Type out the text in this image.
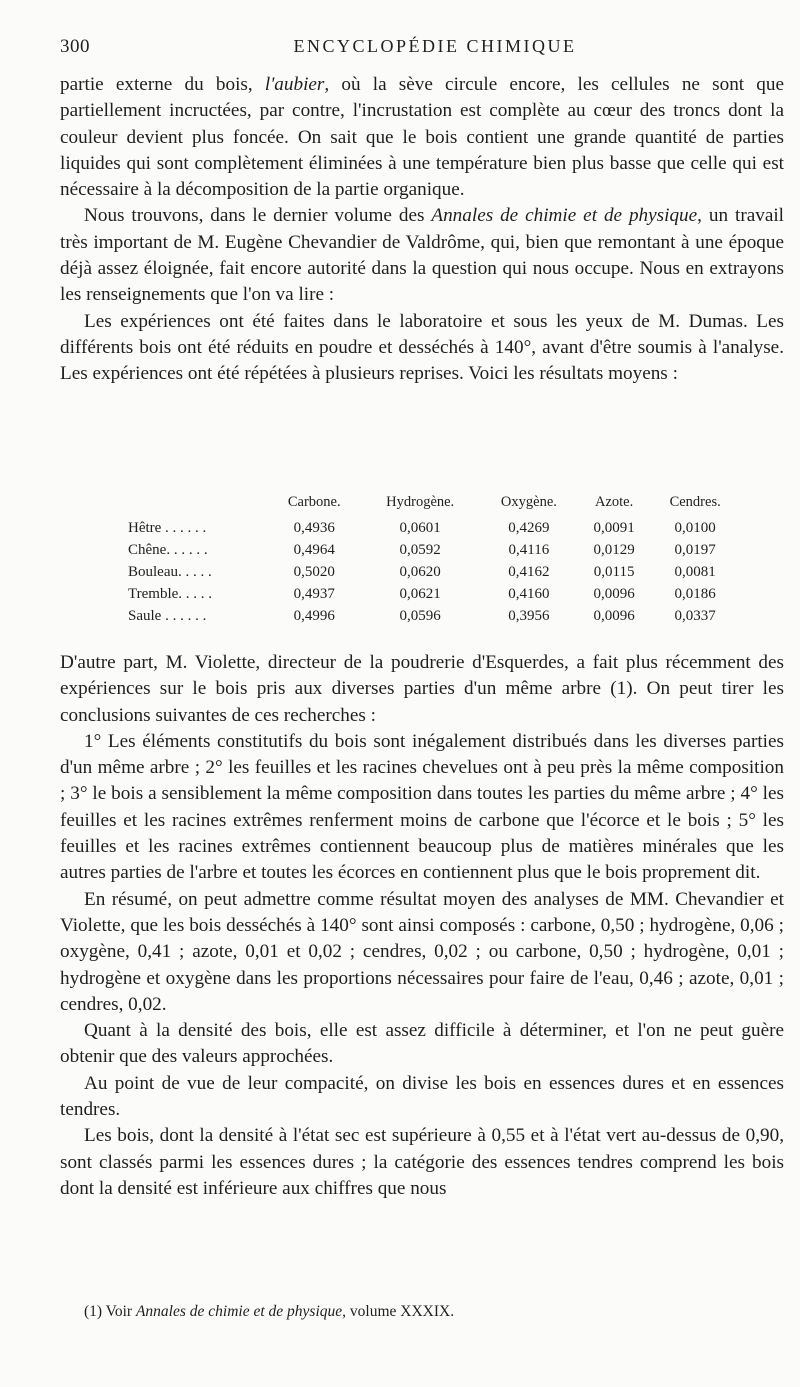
300	ENCYCLOPÉDIE CHIMIQUE

partie externe du bois, l'aubier, où la sève circule encore, les cellules ne sont que partiellement incructées, par contre, l'incrustation est complète au cœur des troncs dont la couleur devient plus foncée. On sait que le bois contient une grande quantité de parties liquides qui sont complètement éliminées à une température bien plus basse que celle qui est nécessaire à la décomposition de la partie organique.

Nous trouvons, dans le dernier volume des Annales de chimie et de physique, un travail très important de M. Eugène Chevandier de Valdrôme, qui, bien que remontant à une époque déjà assez éloignée, fait encore autorité dans la question qui nous occupe. Nous en extrayons les renseignements que l'on va lire :

Les expériences ont été faites dans le laboratoire et sous les yeux de M. Dumas. Les différents bois ont été réduits en poudre et desséchés à 140°, avant d'être soumis à l'analyse. Les expériences ont été répétées à plusieurs reprises. Voici les résultats moyens :

	Carbone.	Hydrogène.	Oxygène.	Azote.	Cendres.
Hêtre . . . . . .	0,4936	0,0601	0,4269	0,0091	0,0100
Chêne. . . . . .	0,4964	0,0592	0,4116	0,0129	0,0197
Bouleau. . . . .	0,5020	0,0620	0,4162	0,0115	0,0081
Tremble. . . . .	0,4937	0,0621	0,4160	0,0096	0,0186
Saule . . . . . .	0,4996	0,0596	0,3956	0,0096	0,0337

D'autre part, M. Violette, directeur de la poudrerie d'Esquerdes, a fait plus récemment des expériences sur le bois pris aux diverses parties d'un même arbre (1). On peut tirer les conclusions suivantes de ces recherches :

1° Les éléments constitutifs du bois sont inégalement distribués dans les diverses parties d'un même arbre ; 2° les feuilles et les racines chevelues ont à peu près la même composition ; 3° le bois a sensiblement la même composition dans toutes les parties du même arbre ; 4° les feuilles et les racines extrêmes renferment moins de carbone que l'écorce et le bois ; 5° les feuilles et les racines extrêmes contiennent beaucoup plus de matières minérales que les autres parties de l'arbre et toutes les écorces en contiennent plus que le bois proprement dit.

En résumé, on peut admettre comme résultat moyen des analyses de MM. Chevandier et Violette, que les bois desséchés à 140° sont ainsi composés : carbone, 0,50 ; hydrogène, 0,06 ; oxygène, 0,41 ; azote, 0,01 et 0,02 ; cendres, 0,02 ; ou carbone, 0,50 ; hydrogène, 0,01 ; hydrogène et oxygène dans les proportions nécessaires pour faire de l'eau, 0,46 ; azote, 0,01 ; cendres, 0,02.

Quant à la densité des bois, elle est assez difficile à déterminer, et l'on ne peut guère obtenir que des valeurs approchées.

Au point de vue de leur compacité, on divise les bois en essences dures et en essences tendres.

Les bois, dont la densité à l'état sec est supérieure à 0,55 et à l'état vert au-dessus de 0,90, sont classés parmi les essences dures ; la catégorie des essences tendres comprend les bois dont la densité est inférieure aux chiffres que nous

(1) Voir Annales de chimie et de physique, volume XXXIX.
